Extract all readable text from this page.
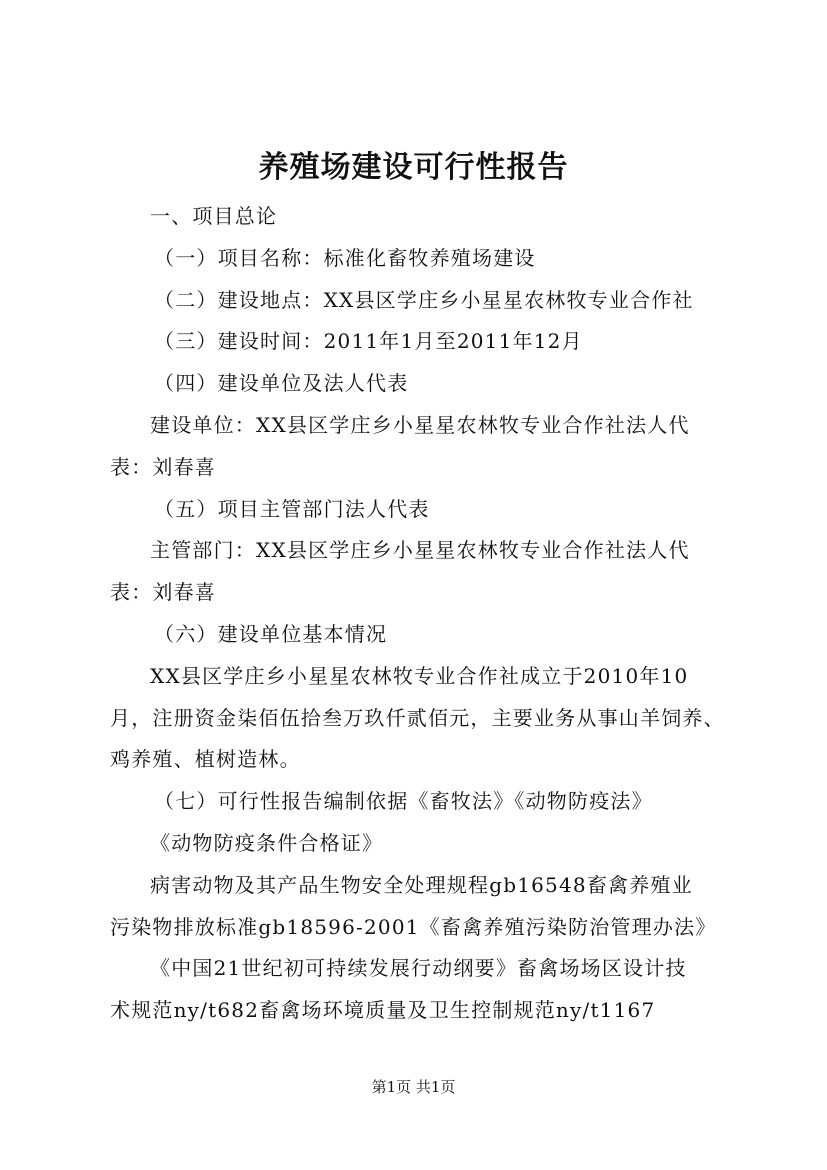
养殖场建设可行性报告

一、项目总论

（一）项目名称：标准化畜牧养殖场建设

（二）建设地点：XX县区学庄乡小星星农林牧专业合作社

（三）建设时间：2011年1月至2011年12月

（四）建设单位及法人代表

建设单位：XX县区学庄乡小星星农林牧专业合作社法人代

表：刘春喜

（五）项目主管部门法人代表

主管部门：XX县区学庄乡小星星农林牧专业合作社法人代

表：刘春喜

（六）建设单位基本情况

XX县区学庄乡小星星农林牧专业合作社成立于2010年10

月，注册资金柒佰伍拾叁万玖仟贰佰元，主要业务从事山羊饲养、

鸡养殖、植树造林。

（七）可行性报告编制依据《畜牧法》《动物防疫法》

《动物防疫条件合格证》

病害动物及其产品生物安全处理规程gb16548畜禽养殖业

污染物排放标准gb18596-2001《畜禽养殖污染防治管理办法》

《中国21世纪初可持续发展行动纲要》畜禽场场区设计技

术规范ny/t682畜禽场环境质量及卫生控制规范ny/t1167

第1页 共1页
